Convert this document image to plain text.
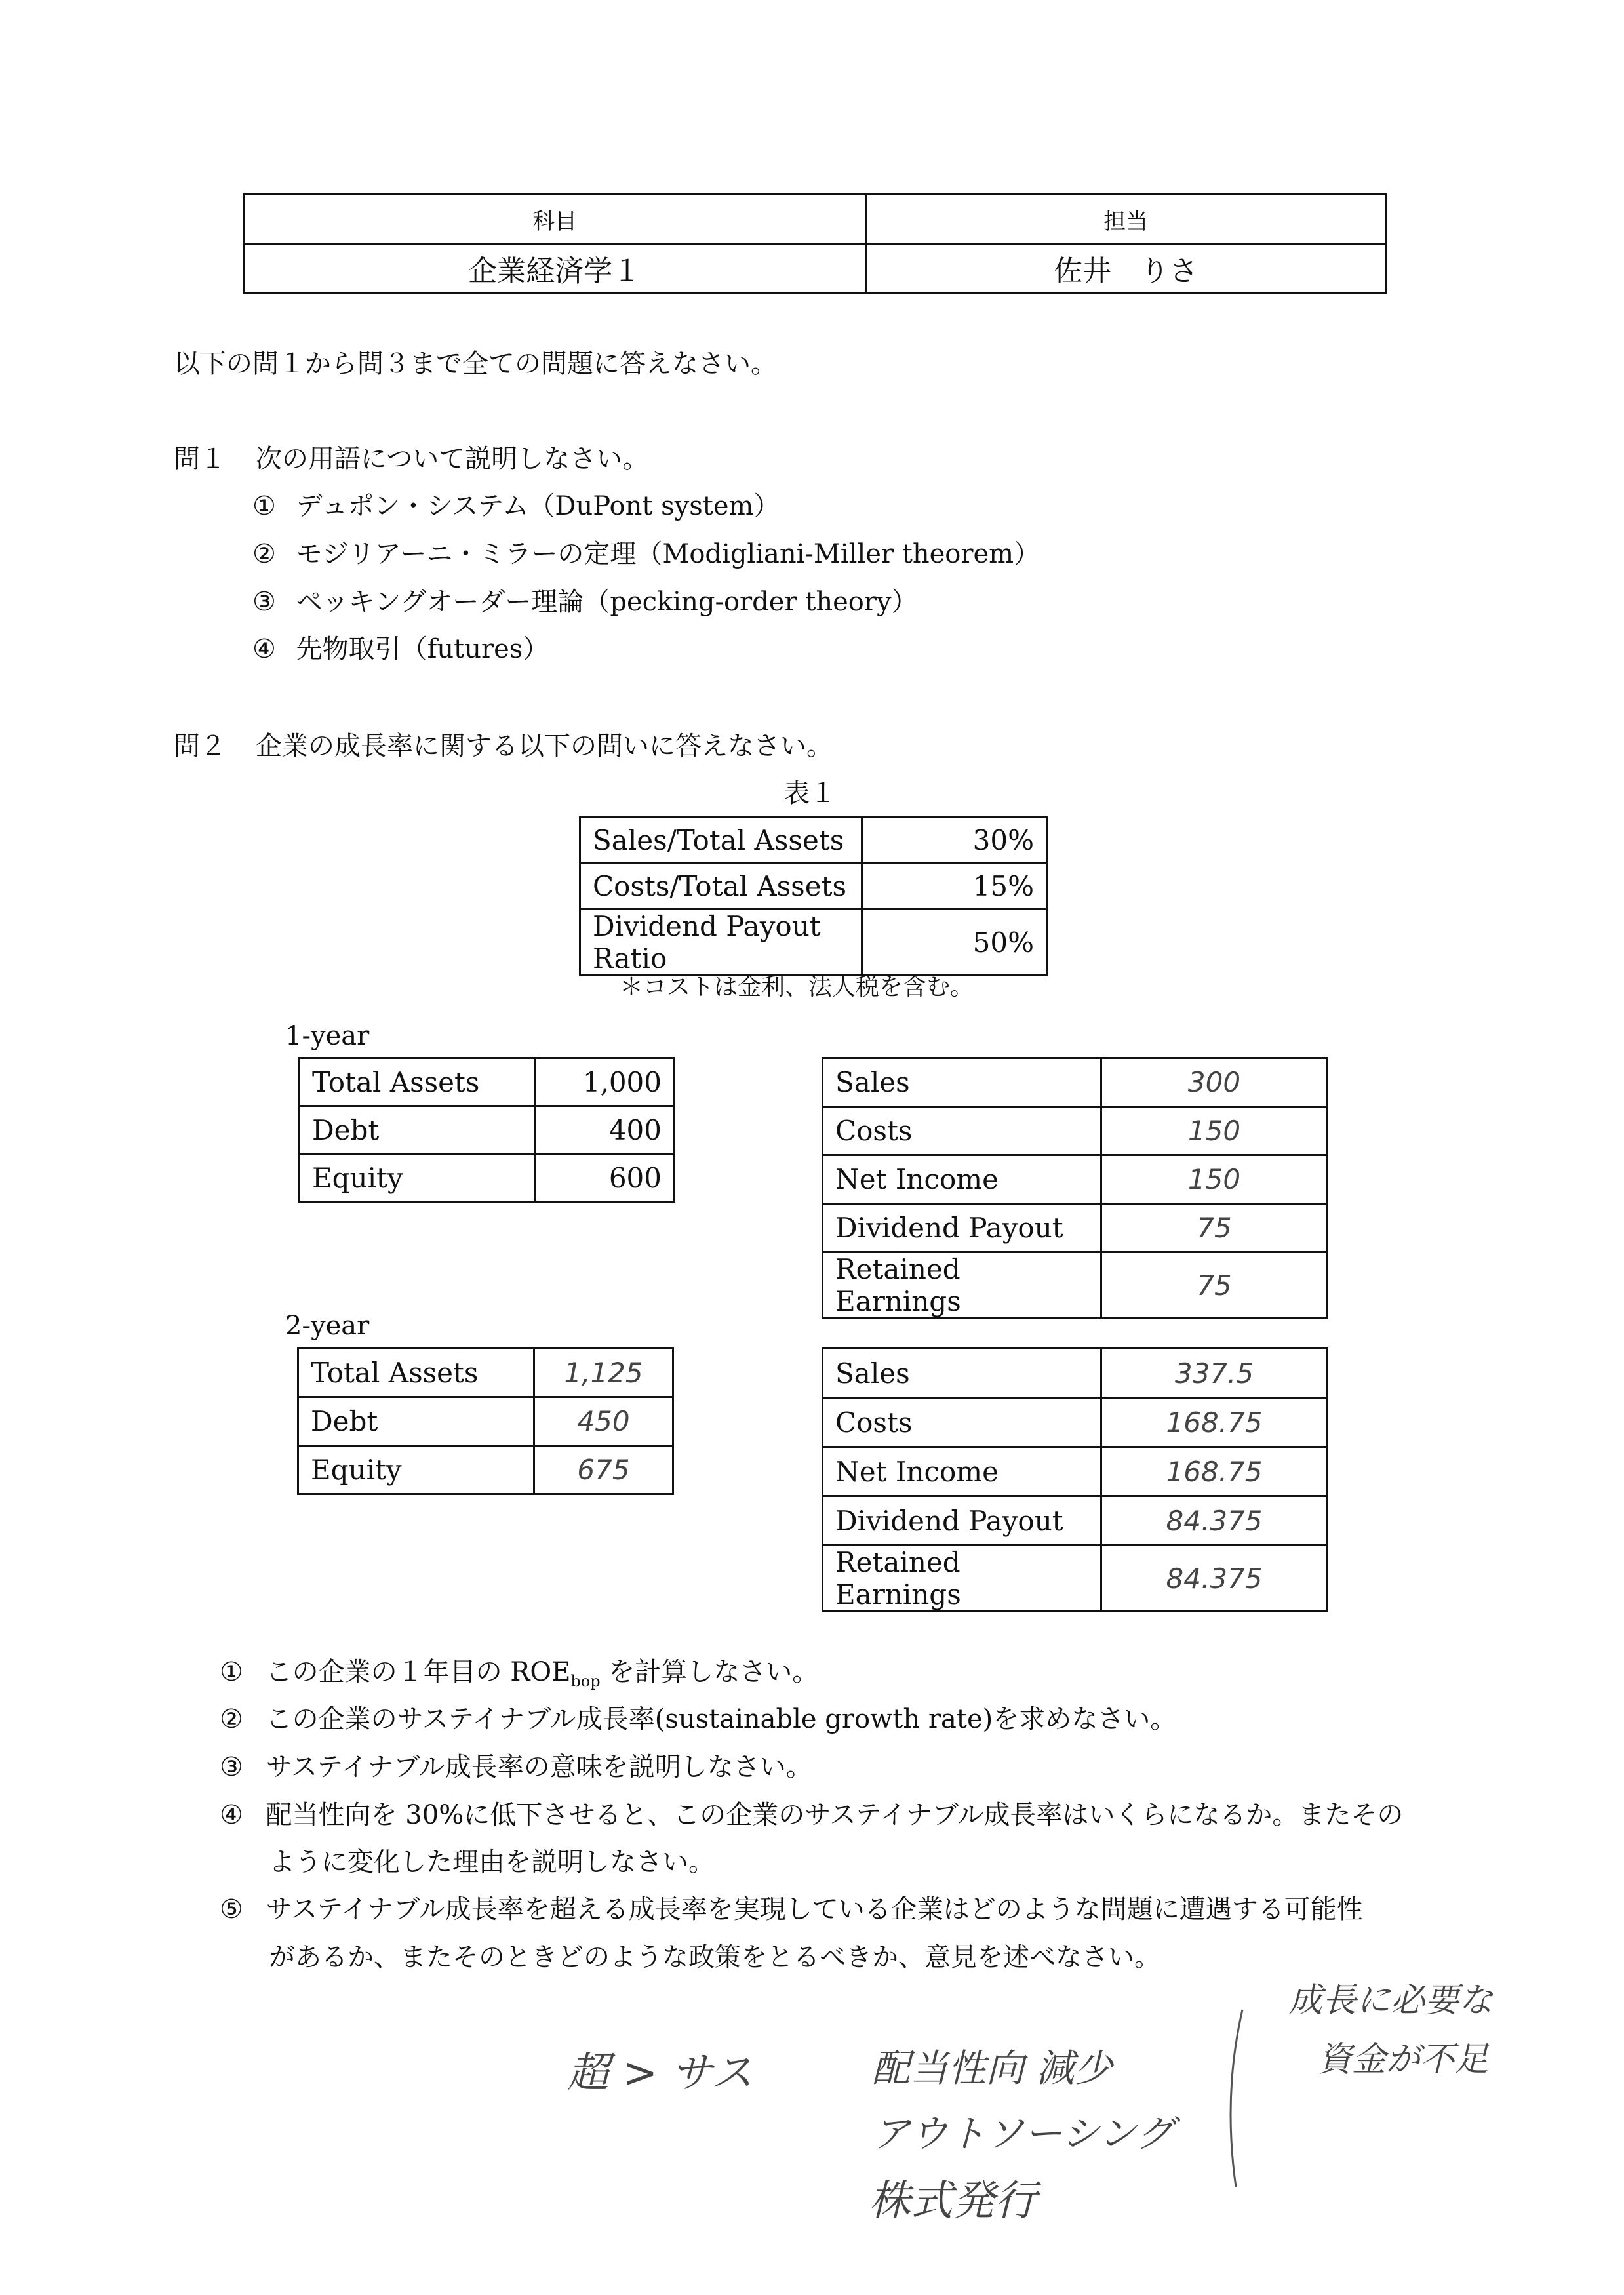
科目	担当
企業経済学１	佐井　りさ
以下の問１から問３まで全ての問題に答えなさい。
問１ 次の用語について説明しなさい。
① デュポン・システム（DuPont system）
② モジリアーニ・ミラーの定理（Modigliani-Miller theorem）
③ ペッキングオーダー理論（pecking-order theory）
④ 先物取引（futures）
問２ 企業の成長率に関する以下の問いに答えなさい。
表１
Sales/Total Assets	30%
Costs/Total Assets	15%
Dividend Payout Ratio	50%
＊コストは金利、法人税を含む。
1-year
Total Assets	1,000
Debt	400
Equity	600
Sales	300
Costs	150
Net Income	150
Dividend Payout	75
Retained Earnings	75
2-year
Total Assets	1,125
Debt	450
Equity	675
Sales	337.5
Costs	168.75
Net Income	168.75
Dividend Payout	84.375
Retained Earnings	84.375
① この企業の１年目の $ROE_{bop}$ を計算しなさい。
② この企業のサステイナブル成長率(sustainable growth rate)を求めなさい。
③ サステイナブル成長率の意味を説明しなさい。
④ 配当性向を 30%に低下させると、この企業のサステイナブル成長率はいくらになるか。またその
ように変化した理由を説明しなさい。
⑤ サステイナブル成長率を超える成長率を実現している企業はどのような問題に遭遇する可能性
があるか、またそのときどのような政策をとるべきか、意見を述べなさい。
超 > サス	配当性向 減少
アウトソーシング
株式発行
成長に必要な
資金が不足
